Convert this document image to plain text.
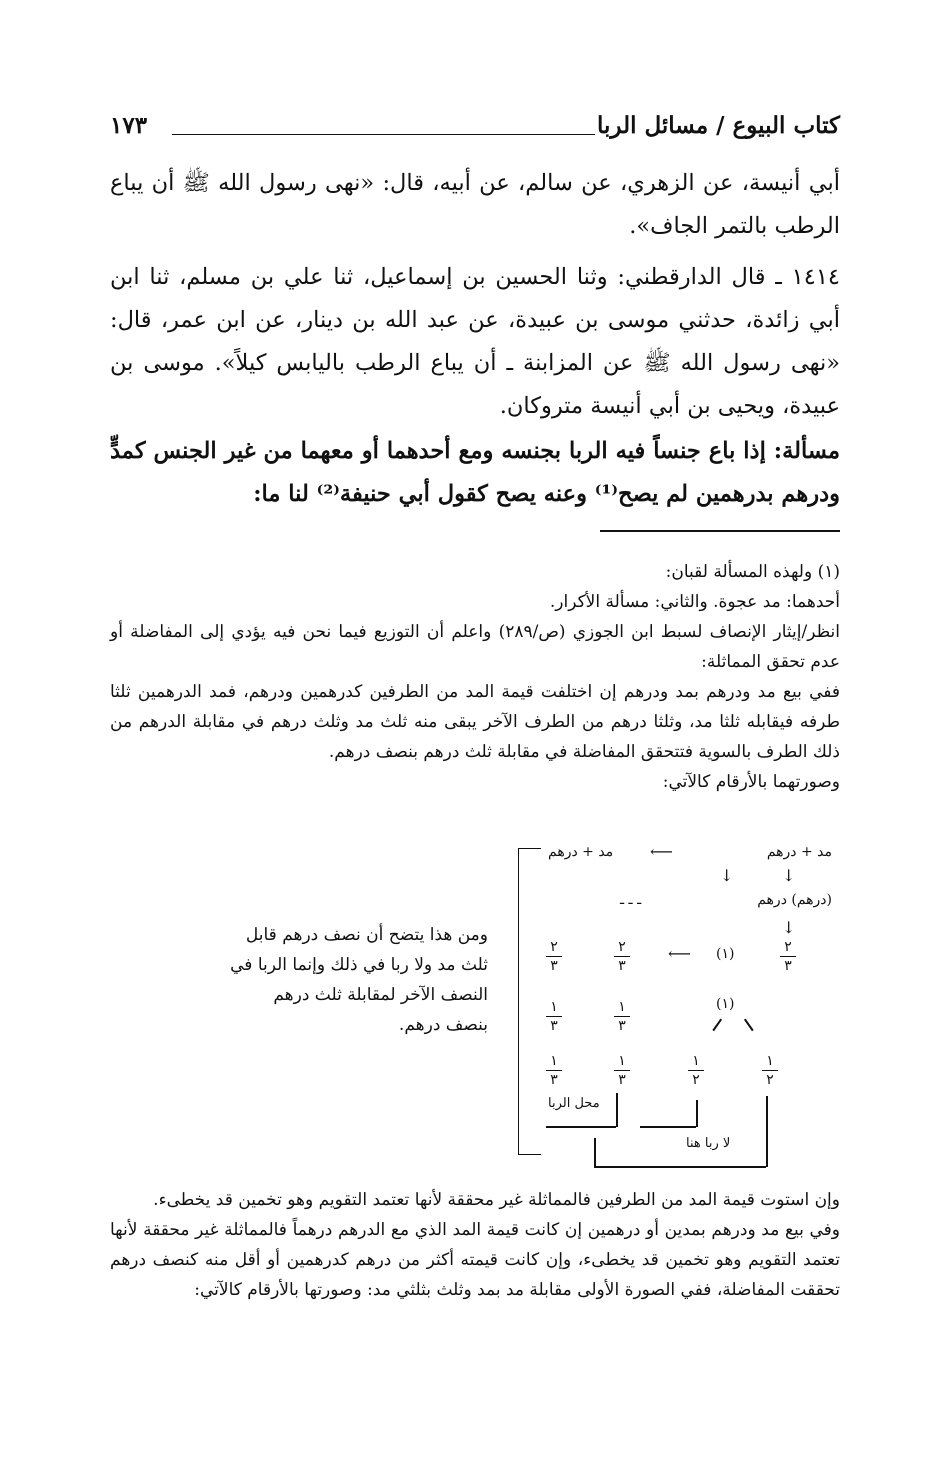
كتاب البيوع / مسائل الربا
١٧٣
أبي أنيسة، عن الزهري، عن سالم، عن أبيه، قال: «نهى رسول الله ﷺ أن يباع الرطب بالتمر الجاف».
١٤١٤ ـ قال الدارقطني: وثنا الحسين بن إسماعيل، ثنا علي بن مسلم، ثنا ابن أبي زائدة، حدثني موسى بن عبيدة، عن عبد الله بن دينار، عن ابن عمر، قال: «نهى رسول الله ﷺ عن المزابنة ـ أن يباع الرطب باليابس كيلاً». موسى بن عبيدة، ويحيى بن أبي أنيسة متروكان.
مسألة: إذا باع جنساً فيه الربا بجنسه ومع أحدهما أو معهما من غير الجنس كمدٍّ ودرهم بدرهمين لم يصح⁽¹⁾ وعنه يصح كقول أبي حنيفة⁽²⁾ لنا ما:
(١) ولهذه المسألة لقبان:
أحدهما: مد عجوة. والثاني: مسألة الأكرار.
انظر/إيثار الإنصاف لسبط ابن الجوزي (ص/٢٨٩) واعلم أن التوزيع فيما نحن فيه يؤدي إلى المفاضلة أو عدم تحقق المماثلة:
ففي بيع مد ودرهم بمد ودرهم إن اختلفت قيمة المد من الطرفين كدرهمين ودرهم، فمد الدرهمين ثلثا طرفه فيقابله ثلثا مد، وثلثا درهم من الطرف الآخر يبقى منه ثلث مد وثلث درهم في مقابلة الدرهم من ذلك الطرف بالسوية فتتحقق المفاضلة في مقابلة ثلث درهم بنصف درهم.
وصورتهما بالأرقام كالآتي:
مد + درهم
⟵
مد + درهم
↓	↓
(درهم) درهم
ـ ـ ـ
↓
٢
٣
٢
٣
⟵ (١)	٢
٣
(١)
١
٣
١
٣
١
٣
١
٣
١
٢
١
٢
محل الربا
لا ربا هنا
ومن هذا يتضح أن نصف درهم قابل ثلث مد ولا ربا في ذلك وإنما الربا في النصف الآخر لمقابلة ثلث درهم بنصف درهم.
وإن استوت قيمة المد من الطرفين فالمماثلة غير محققة لأنها تعتمد التقويم وهو تخمين قد يخطىء.
وفي بيع مد ودرهم بمدين أو درهمين إن كانت قيمة المد الذي مع الدرهم درهماً فالمماثلة غير محققة لأنها تعتمد التقويم وهو تخمين قد يخطىء، وإن كانت قيمته أكثر من درهم كدرهمين أو أقل منه كنصف درهم تحققت المفاضلة، ففي الصورة الأولى مقابلة مد بمد وثلث بثلثي مد: وصورتها بالأرقام كالآتي:
